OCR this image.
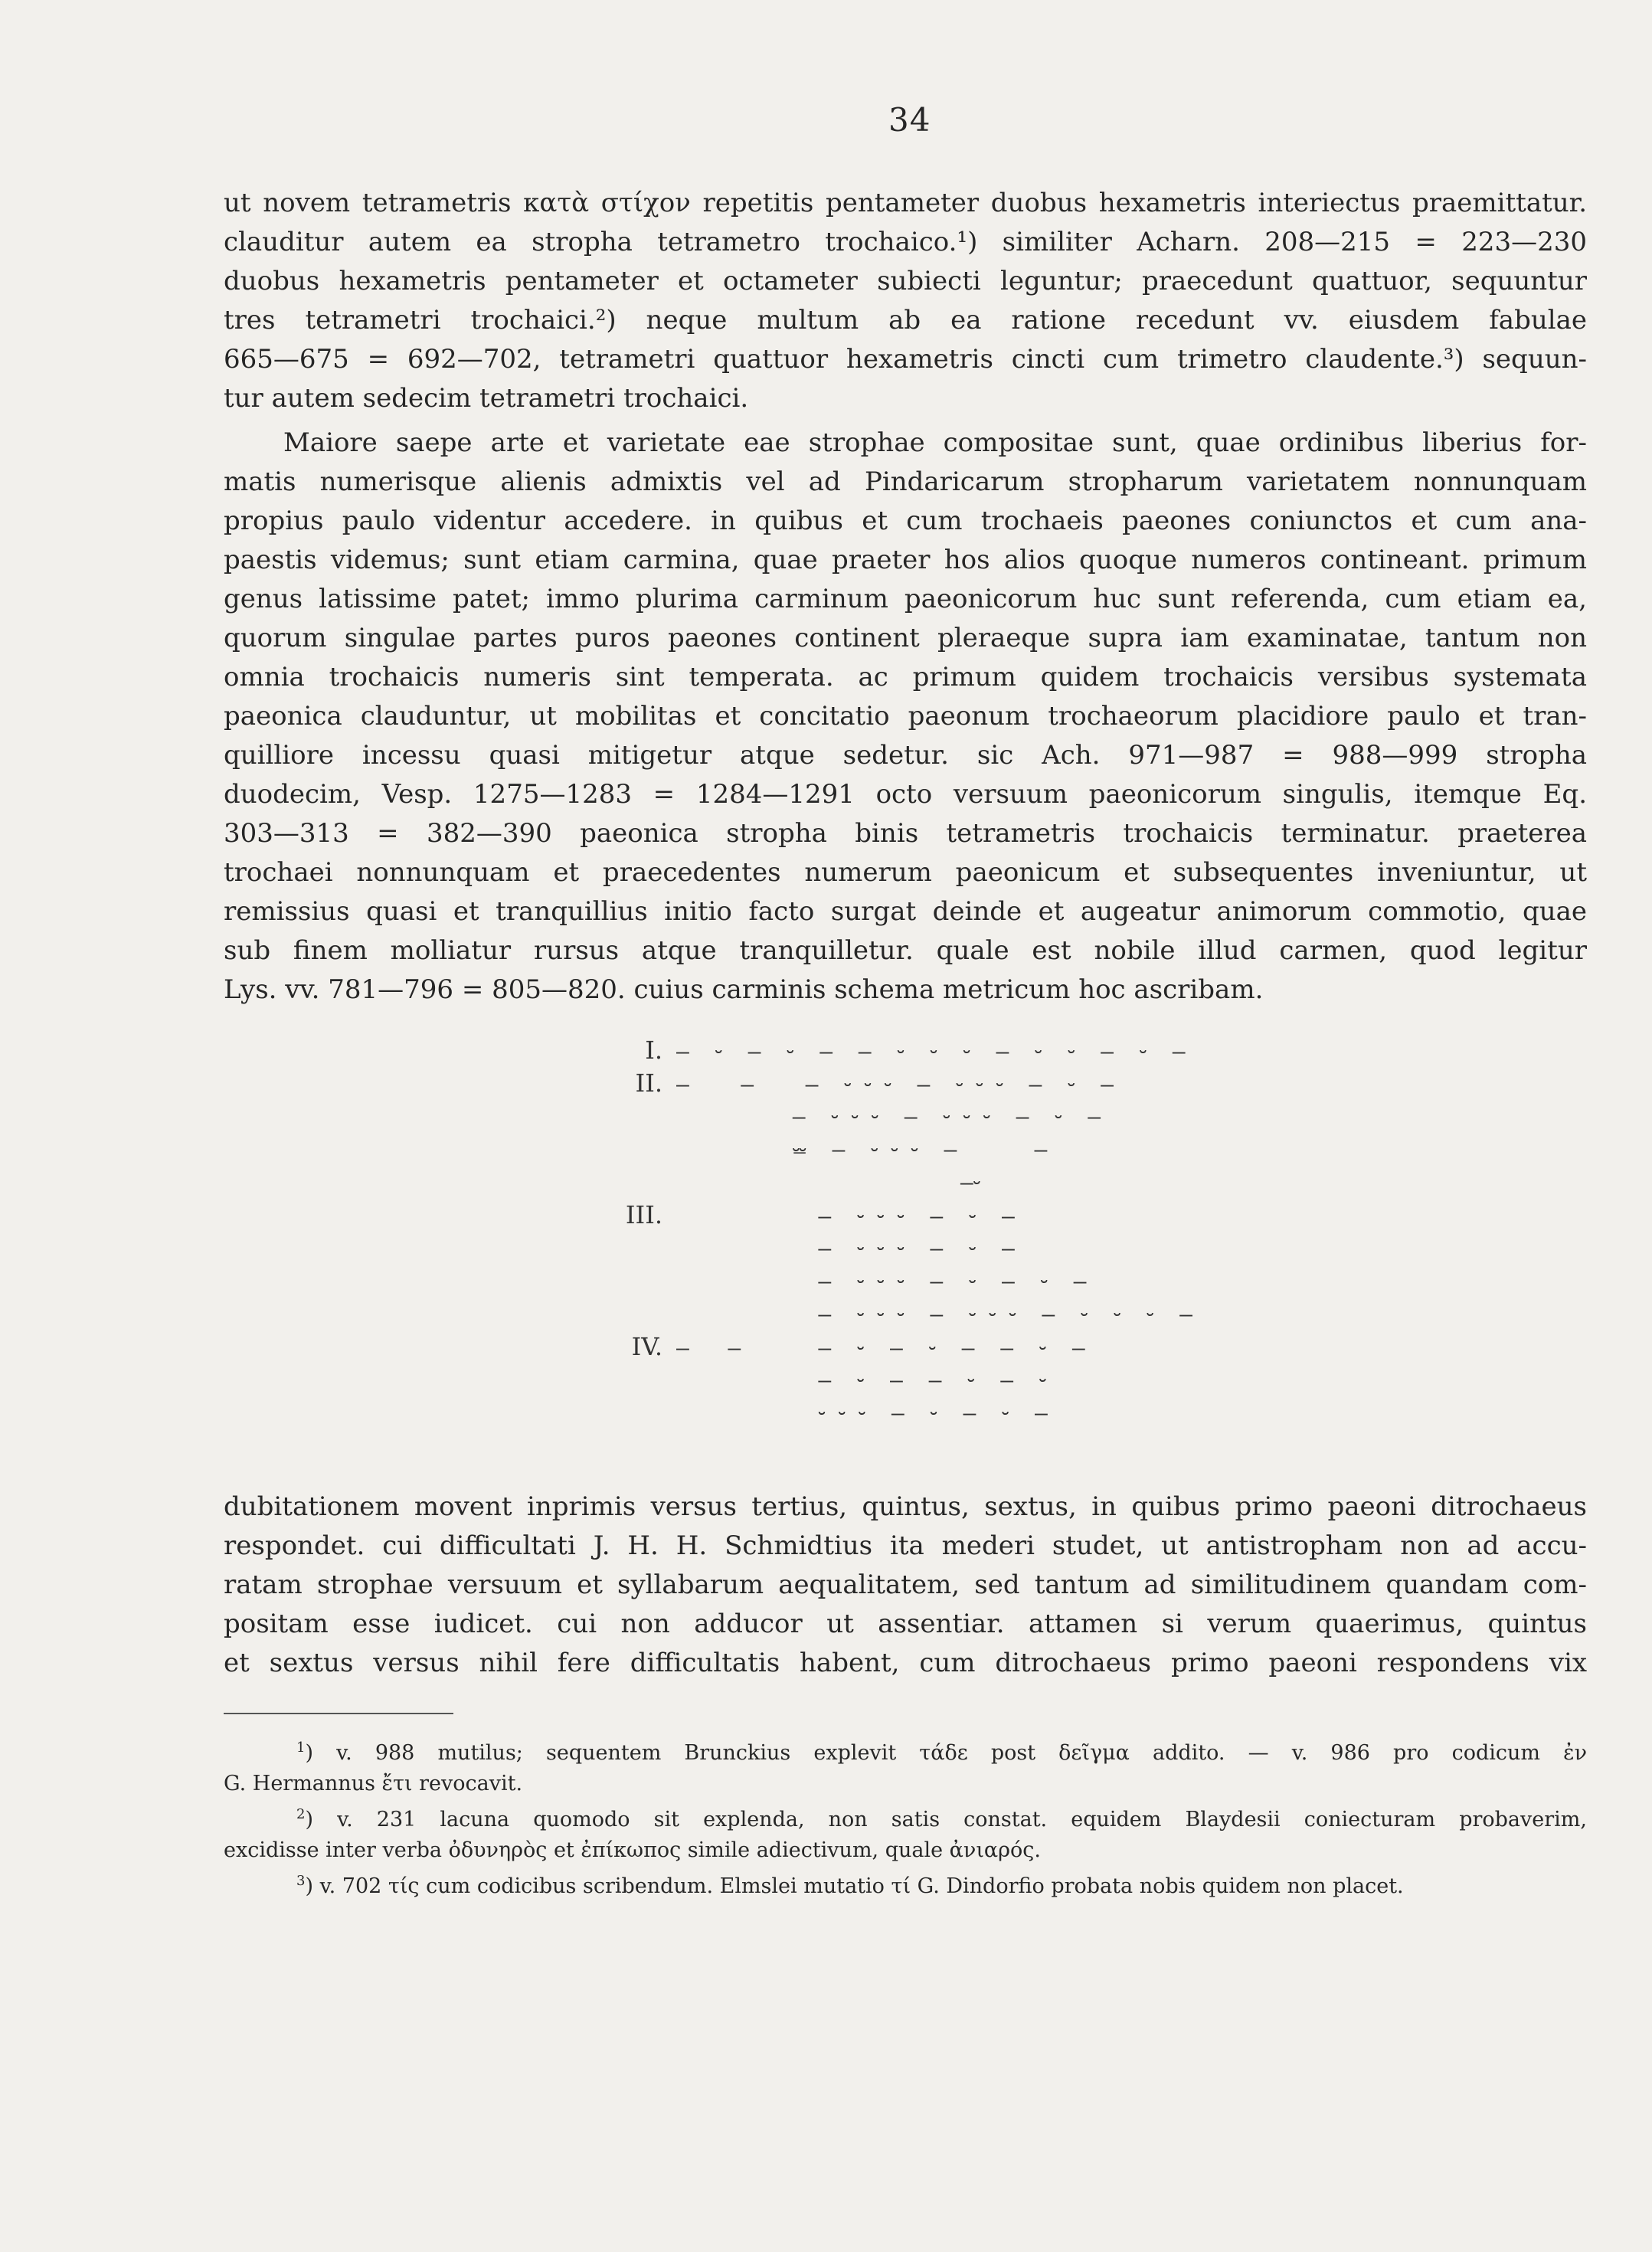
34
ut novem tetrametris κατὰ στίχον repetitis pentameter duobus hexametris interiectus praemittatur.
clauditur autem ea stropha tetrametro trochaico.¹) similiter Acharn. 208—215 = 223—230
duobus hexametris pentameter et octameter subiecti leguntur; praecedunt quattuor, sequuntur
tres tetrametri trochaici.²) neque multum ab ea ratione recedunt vv. eiusdem fabulae
665—675 = 692—702, tetrametri quattuor hexametris cincti cum trimetro claudente.³) sequun-
tur autem sedecim tetrametri trochaici.
Maiore saepe arte et varietate eae strophae compositae sunt, quae ordinibus liberius for-
matis numerisque alienis admixtis vel ad Pindaricarum stropharum varietatem nonnunquam
propius paulo videntur accedere. in quibus et cum trochaeis paeones coniunctos et cum ana-
paestis videmus; sunt etiam carmina, quae praeter hos alios quoque numeros contineant. primum
genus latissime patet; immo plurima carminum paeonicorum huc sunt referenda, cum etiam ea,
quorum singulae partes puros paeones continent pleraeque supra iam examinatae, tantum non
omnia trochaicis numeris sint temperata. ac primum quidem trochaicis versibus systemata
paeonica clauduntur, ut mobilitas et concitatio paeonum trochaeorum placidiore paulo et tran-
quilliore incessu quasi mitigetur atque sedetur. sic Ach. 971—987 = 988—999 stropha
duodecim, Vesp. 1275—1283 = 1284—1291 octo versuum paeonicorum singulis, itemque Eq.
303—313 = 382—390 paeonica stropha binis tetrametris trochaicis terminatur. praeterea
trochaei nonnunquam et praecedentes numerum paeonicum et subsequentes inveniuntur, ut
remissius quasi et tranquillius initio facto surgat deinde et augeatur animorum commotio, quae
sub finem molliatur rursus atque tranquilletur. quale est nobile illud carmen, quod legitur
Lys. vv. 781—796 = 805—820. cuius carminis schema metricum hoc ascribam.
I. –  ⏑  –  ⏑  –  –  ⏑  ⏑  ⏑  –  ⏑  ⏑  –  ⏑  –
II. –    –    –  ⏑ ⏑ ⏑  –  ⏑ ⏑ ⏑  –  ⏑  –
–  ⏑ ⏑ ⏑  –  ⏑ ⏑ ⏑  –  ⏑  –
⏕  –  ⏑ ⏑ ⏑  –      –
–⏑
III.           –  ⏑ ⏑ ⏑  –  ⏑  –
–  ⏑ ⏑ ⏑  –  ⏑  –
–  ⏑ ⏑ ⏑  –  ⏑  –  ⏑  –
–  ⏑ ⏑ ⏑  –  ⏑ ⏑ ⏑  –  ⏑  ⏑  ⏑  –
IV. –   –      –  ⏑  –  ⏑  –  –  ⏑  –
–  ⏑  –  –  ⏑  –  ⏑
⏑ ⏑ ⏑  –  ⏑  –  ⏑  –
dubitationem movent inprimis versus tertius, quintus, sextus, in quibus primo paeoni ditrochaeus
respondet. cui difficultati J. H. H. Schmidtius ita mederi studet, ut antistropham non ad accu-
ratam strophae versuum et syllabarum aequalitatem, sed tantum ad similitudinem quandam com-
positam esse iudicet. cui non adducor ut assentiar. attamen si verum quaerimus, quintus
et sextus versus nihil fere difficultatis habent, cum ditrochaeus primo paeoni respondens vix
$^1$) v. 988 mutilus; sequentem Brunckius explevit τάδε post δεῖγμα addito. — v. 986 pro codicum ἐν
G. Hermannus ἔτι revocavit.
$^2$) v. 231 lacuna quomodo sit explenda, non satis constat. equidem Blaydesii coniecturam probaverim,
excidisse inter verba ὀδυνηρὸς et ἐπίκωπος simile adiectivum, quale ἀνιαρός.
$^3$) v. 702 τίς cum codicibus scribendum. Elmslei mutatio τί G. Dindorfio probata nobis quidem non placet.
